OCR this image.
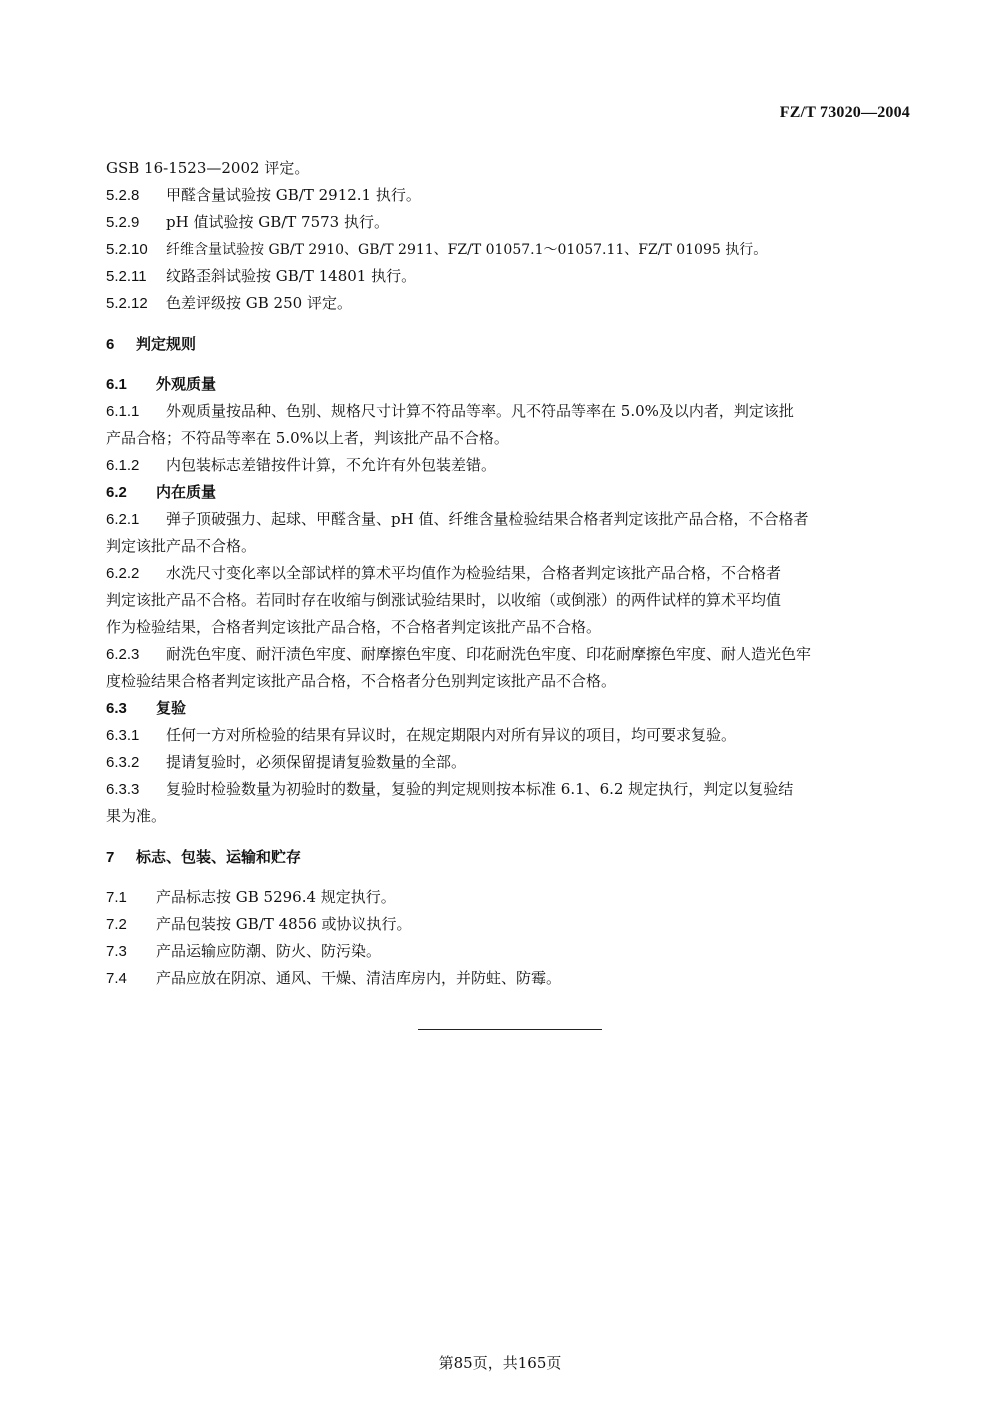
FZ/T 73020—2004
GSB 16-1523—2002 评定。
5.2.8 甲醛含量试验按 GB/T 2912.1 执行。
5.2.9 pH 值试验按 GB/T 7573 执行。
5.2.10 纤维含量试验按 GB/T 2910、GB/T 2911、FZ/T 01057.1～01057.11、FZ/T 01095 执行。
5.2.11 纹路歪斜试验按 GB/T 14801 执行。
5.2.12 色差评级按 GB 250 评定。
6 判定规则
6.1 外观质量
6.1.1 外观质量按品种、色别、规格尺寸计算不符品等率。凡不符品等率在 5.0%及以内者，判定该批
产品合格；不符品等率在 5.0%以上者，判该批产品不合格。
6.1.2 内包装标志差错按件计算，不允许有外包装差错。
6.2 内在质量
6.2.1 弹子顶破强力、起球、甲醛含量、pH 值、纤维含量检验结果合格者判定该批产品合格，不合格者
判定该批产品不合格。
6.2.2 水洗尺寸变化率以全部试样的算术平均值作为检验结果，合格者判定该批产品合格，不合格者
判定该批产品不合格。若同时存在收缩与倒涨试验结果时，以收缩（或倒涨）的两件试样的算术平均值
作为检验结果，合格者判定该批产品合格，不合格者判定该批产品不合格。
6.2.3 耐洗色牢度、耐汗渍色牢度、耐摩擦色牢度、印花耐洗色牢度、印花耐摩擦色牢度、耐人造光色牢
度检验结果合格者判定该批产品合格，不合格者分色别判定该批产品不合格。
6.3 复验
6.3.1 任何一方对所检验的结果有异议时，在规定期限内对所有异议的项目，均可要求复验。
6.3.2 提请复验时，必须保留提请复验数量的全部。
6.3.3 复验时检验数量为初验时的数量，复验的判定规则按本标准 6.1、6.2 规定执行，判定以复验结
果为准。
7 标志、包装、运输和贮存
7.1 产品标志按 GB 5296.4 规定执行。
7.2 产品包装按 GB/T 4856 或协议执行。
7.3 产品运输应防潮、防火、防污染。
7.4 产品应放在阴凉、通风、干燥、清洁库房内，并防蛀、防霉。
第85页，共165页
